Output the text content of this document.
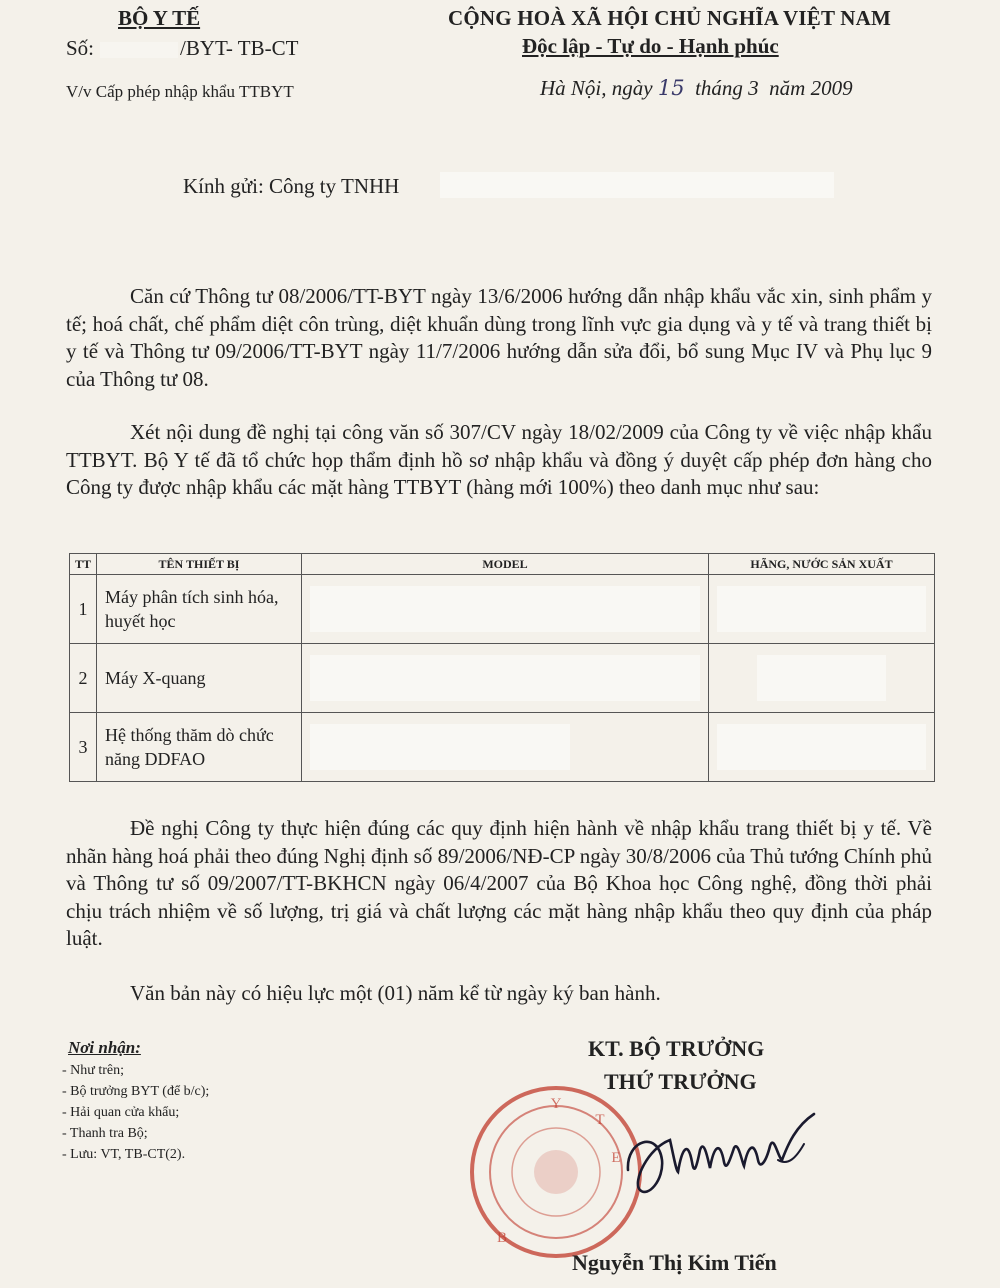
BỘ Y TẾ
Số:	/BYT- TB-CT
V/v Cấp phép nhập khẩu TTBYT
CỘNG HOÀ XÃ HỘI CHỦ NGHĨA VIỆT NAM
Độc lập - Tự do - Hạnh phúc
Hà Nội, ngày 15 tháng 3 năm 2009
Kính gửi: Công ty TNHH
Căn cứ Thông tư 08/2006/TT-BYT ngày 13/6/2006 hướng dẫn nhập khẩu vắc xin, sinh phẩm y tế; hoá chất, chế phẩm diệt côn trùng, diệt khuẩn dùng trong lĩnh vực gia dụng và y tế và trang thiết bị y tế và Thông tư 09/2006/TT-BYT ngày 11/7/2006 hướng dẫn sửa đổi, bổ sung Mục IV và Phụ lục 9 của Thông tư 08.
Xét nội dung đề nghị tại công văn số 307/CV ngày 18/02/2009 của Công ty về việc nhập khẩu TTBYT. Bộ Y tế đã tổ chức họp thẩm định hồ sơ nhập khẩu và đồng ý duyệt cấp phép đơn hàng cho Công ty được nhập khẩu các mặt hàng TTBYT (hàng mới 100%) theo danh mục như sau:
TT	TÊN THIẾT BỊ	MODEL	HÃNG, NƯỚC SẢN XUẤT
1	Máy phân tích sinh hóa, huyết học	

2	Máy X-quang	

3	Hệ thống thăm dò chức năng DDFAO	

Đề nghị Công ty thực hiện đúng các quy định hiện hành về nhập khẩu trang thiết bị y tế. Về nhãn hàng hoá phải theo đúng Nghị định số 89/2006/NĐ-CP ngày 30/8/2006 của Thủ tướng Chính phủ và Thông tư số 09/2007/TT-BKHCN ngày 06/4/2007 của Bộ Khoa học Công nghệ, đồng thời phải chịu trách nhiệm về số lượng, trị giá và chất lượng các mặt hàng nhập khẩu theo quy định của pháp luật.
Văn bản này có hiệu lực một (01) năm kể từ ngày ký ban hành.
Nơi nhận:
- Như trên;
- Bộ trưởng BYT (để b/c);
- Hải quan cửa khẩu;
- Thanh tra Bộ;
- Lưu: VT, TB-CT(2).
Y
T
E
B
KT. BỘ TRƯỞNG
THỨ TRƯỞNG
Nguyễn Thị Kim Tiến
